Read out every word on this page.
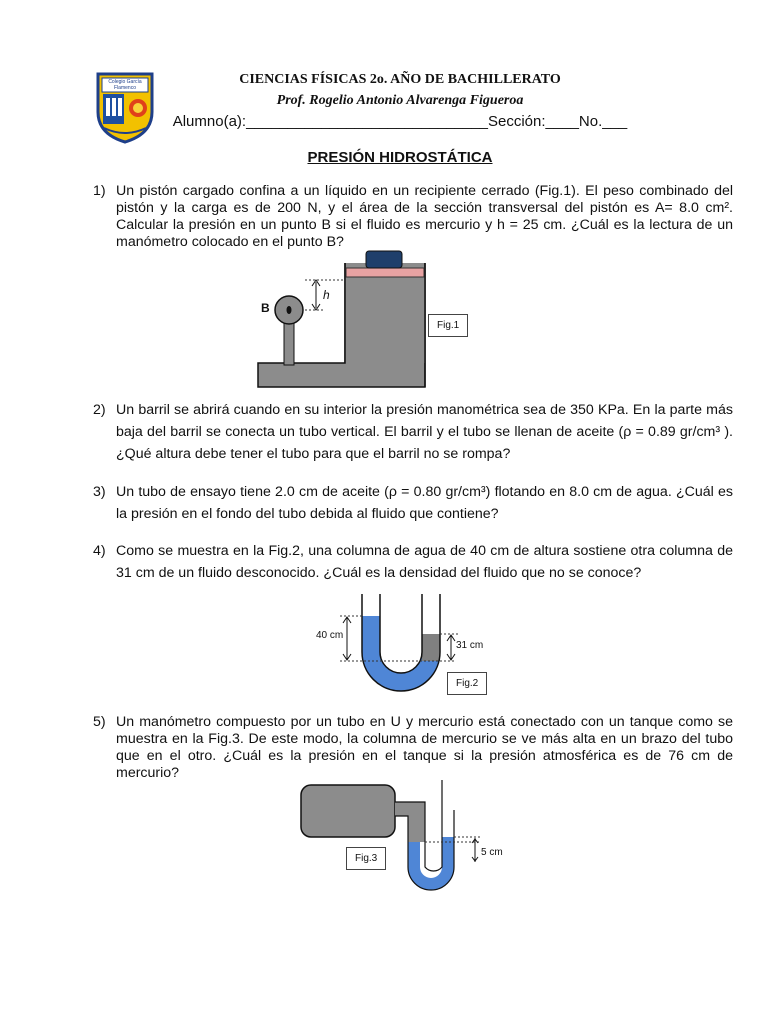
Colegio García Flamenco
CIENCIAS FÍSICAS 2o. AÑO DE BACHILLERATO
Prof. Rogelio Antonio Alvarenga Figueroa
Alumno(a):_____________________________Sección:____No.___
PRESIÓN HIDROSTÁTICA
1) Un pistón cargado confina a un líquido en un recipiente cerrado (Fig.1). El peso combinado del pistón y la carga es de 200 N, y el área de la sección transversal del pistón es A= 8.0 cm². Calcular la presión en un punto B si el fluido es mercurio y h = 25 cm. ¿Cuál es la lectura de un manómetro colocado en el punto B?
B
h
Fig.1
2) Un barril se abrirá cuando en su interior la presión manométrica sea de 350 KPa. En la parte más baja del barril se conecta un tubo vertical. El barril y el tubo se llenan de aceite (ρ = 0.89 gr/cm³ ). ¿Qué altura debe tener el tubo para que el barril no se rompa?
3) Un tubo de ensayo tiene 2.0 cm de aceite (ρ = 0.80 gr/cm³) flotando en 8.0 cm de agua. ¿Cuál es la presión en el fondo del tubo debida al fluido que contiene?
4) Como se muestra en la Fig.2, una columna de agua de 40 cm de altura sostiene otra columna de 31 cm de un fluido desconocido. ¿Cuál es la densidad del fluido que no se conoce?
40 cm
31 cm
Fig.2
5) Un manómetro compuesto por un tubo en U y mercurio está conectado con un tanque como se muestra en la Fig.3. De este modo, la columna de mercurio se ve más alta en un brazo del tubo que en el otro. ¿Cuál es la presión en el tanque si la presión atmosférica es de 76 cm de mercurio?
5 cm
Fig.3
